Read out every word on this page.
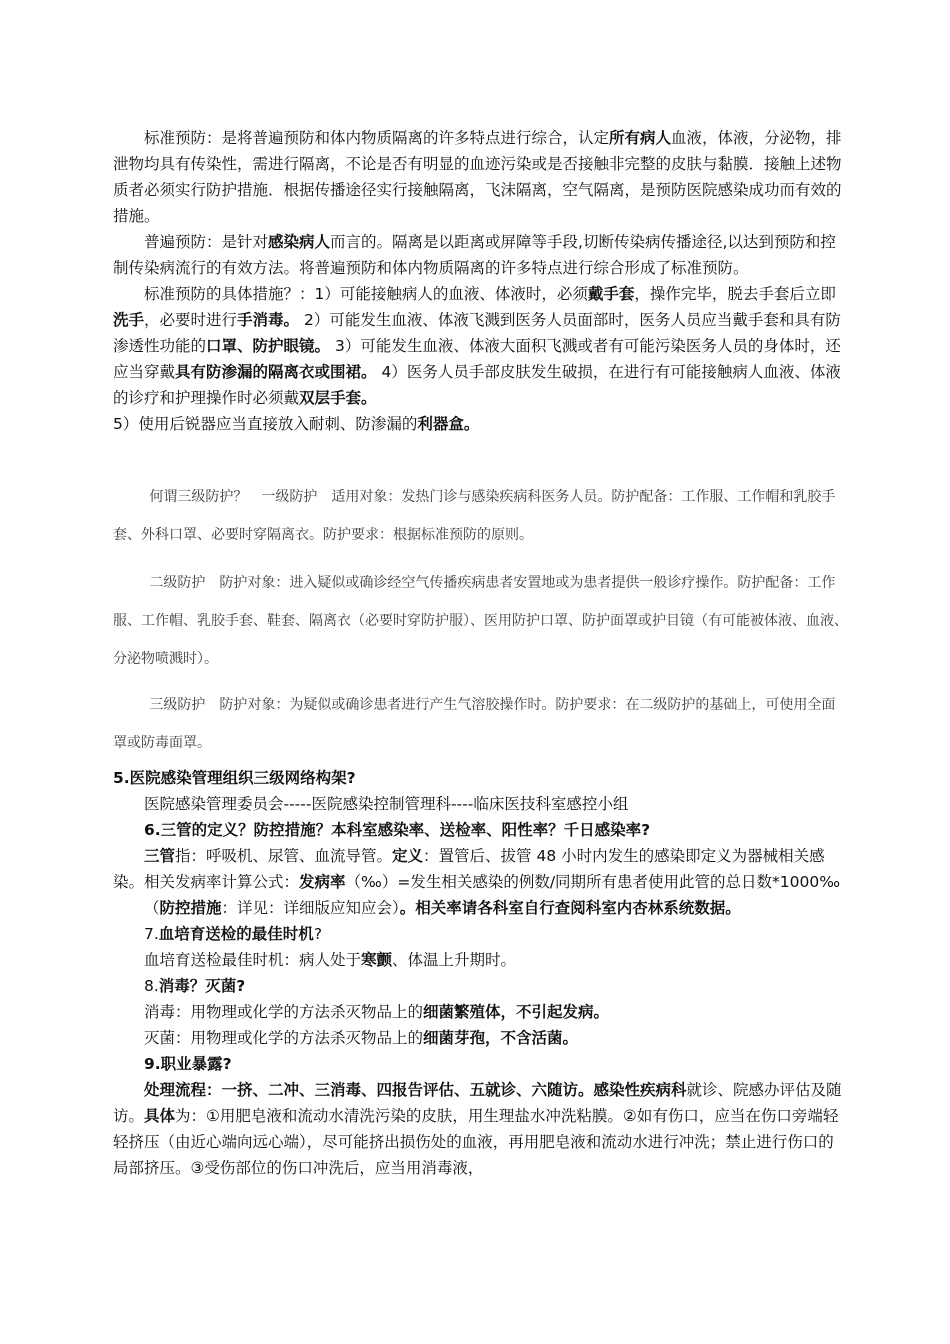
标准预防：是将普遍预防和体内物质隔离的许多特点进行综合，认定所有病人血液，体液，分泌物，排泄物均具有传染性，需进行隔离，不论是否有明显的血迹污染或是否接触非完整的皮肤与黏膜．接触上述物质者必须实行防护措施．根据传播途径实行接触隔离，飞沫隔离，空气隔离，是预防医院感染成功而有效的措施。

普遍预防：是针对感染病人而言的。隔离是以距离或屏障等手段,切断传染病传播途径,以达到预防和控制传染病流行的有效方法。将普遍预防和体内物质隔离的许多特点进行综合形成了标准预防。

标准预防的具体措施？：1）可能接触病人的血液、体液时，必须戴手套，操作完毕，脱去手套后立即洗手，必要时进行手消毒。 2）可能发生血液、体液飞溅到医务人员面部时，医务人员应当戴手套和具有防渗透性功能的口罩、防护眼镜。 3）可能发生血液、体液大面积飞溅或者有可能污染医务人员的身体时，还应当穿戴具有防渗漏的隔离衣或围裙。 4）医务人员手部皮肤发生破损，在进行有可能接触病人血液、体液的诊疗和护理操作时必须戴双层手套。

5）使用后锐器应当直接放入耐刺、防渗漏的利器盒。

何谓三级防护？　一级防护　适用对象：发热门诊与感染疾病科医务人员。防护配备：工作服、工作帽和乳胶手套、外科口罩、必要时穿隔离衣。防护要求：根据标准预防的原则。

二级防护　防护对象：进入疑似或确诊经空气传播疾病患者安置地或为患者提供一般诊疗操作。防护配备：工作服、工作帽、乳胶手套、鞋套、隔离衣（必要时穿防护服）、医用防护口罩、防护面罩或护目镜（有可能被体液、血液、分泌物喷溅时）。

三级防护　防护对象：为疑似或确诊患者进行产生气溶胶操作时。防护要求：在二级防护的基础上，可使用全面罩或防毒面罩。

5.医院感染管理组织三级网络构架?

医院感染管理委员会-----医院感染控制管理科----临床医技科室感控小组

6.三管的定义？防控措施？本科室感染率、送检率、阳性率？千日感染率?

三管指：呼吸机、尿管、血流导管。定义：置管后、拔管 48 小时内发生的感染即定义为器械相关感染。相关发病率计算公式：发病率（‰）=发生相关感染的例数/同期所有患者使用此管的总日数*1000‰

（防控措施：详见：详细版应知应会）。相关率请各科室自行查阅科室内杏林系统数据。

7.血培育送检的最佳时机?

血培育送检最佳时机：病人处于寒颤、体温上升期时。

8.消毒？灭菌?

消毒：用物理或化学的方法杀灭物品上的细菌繁殖体，不引起发病。

灭菌：用物理或化学的方法杀灭物品上的细菌芽孢，不含活菌。

9.职业暴露?

处理流程：一挤、二冲、三消毒、四报告评估、五就诊、六随访。感染性疾病科就诊、院感办评估及随访。具体为：①用肥皂液和流动水清洗污染的皮肤，用生理盐水冲洗粘膜。②如有伤口，应当在伤口旁端轻轻挤压（由近心端向远心端），尽可能挤出损伤处的血液，再用肥皂液和流动水进行冲洗；禁止进行伤口的局部挤压。③受伤部位的伤口冲洗后，应当用消毒液，
